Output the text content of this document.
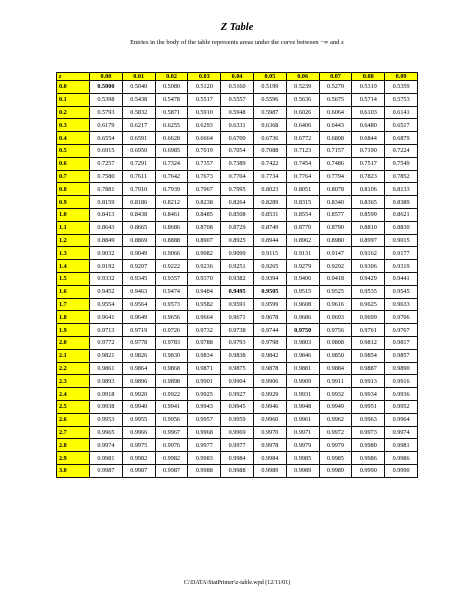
Z Table
Entries in the body of the table represents areas under the curve between −∞ and z
z	0.00	0.01	0.02	0.03	0.04	0.05	0.06	0.07	0.08	0.09
0.0	0.5000	0.5040	0.5080	0.5120	0.5160	0.5199	0.5239	0.5279	0.5319	0.5359
0.1	0.5398	0.5438	0.5478	0.5517	0.5557	0.5596	0.5636	0.5675	0.5714	0.5753
0.2	0.5793	0.5832	0.5871	0.5910	0.5948	0.5987	0.6026	0.6064	0.6103	0.6141
0.3	0.6179	0.6217	0.6255	0.6293	0.6331	0.6368	0.6406	0.6443	0.6480	0.6517
0.4	0.6554	0.6591	0.6628	0.6664	0.6700	0.6736	0.6772	0.6808	0.6844	0.6879
0.5	0.6915	0.6950	0.6985	0.7019	0.7054	0.7088	0.7123	0.7157	0.7190	0.7224
0.6	0.7257	0.7291	0.7324	0.7357	0.7389	0.7422	0.7454	0.7486	0.7517	0.7549
0.7	0.7580	0.7611	0.7642	0.7673	0.7704	0.7734	0.7764	0.7794	0.7823	0.7852
0.8	0.7881	0.7910	0.7939	0.7967	0.7995	0.8023	0.8051	0.8078	0.8106	0.8133
0.9	0.8159	0.8186	0.8212	0.8238	0.8264	0.8289	0.8315	0.8340	0.8365	0.8389
1.0	0.8413	0.8438	0.8461	0.8485	0.8508	0.8531	0.8554	0.8577	0.8599	0.8621
1.1	0.8643	0.8665	0.8686	0.8708	0.8729	0.8749	0.8770	0.8790	0.8810	0.8830
1.2	0.8849	0.8869	0.8888	0.8907	0.8925	0.8944	0.8962	0.8980	0.8997	0.9015
1.3	0.9032	0.9049	0.9066	0.9082	0.9099	0.9115	0.9131	0.9147	0.9162	0.9177
1.4	0.9192	0.9207	0.9222	0.9236	0.9251	0.9265	0.9279	0.9292	0.9306	0.9319
1.5	0.9332	0.9345	0.9357	0.9370	0.9382	0.9394	0.9406	0.9418	0.9429	0.9441
1.6	0.9452	0.9463	0.9474	0.9484	0.9495	0.9505	0.9515	0.9525	0.9535	0.9545
1.7	0.9554	0.9564	0.9573	0.9582	0.9591	0.9599	0.9608	0.9616	0.9625	0.9633
1.8	0.9641	0.9649	0.9656	0.9664	0.9671	0.9678	0.9686	0.9693	0.9699	0.9706
1.9	0.9713	0.9719	0.9726	0.9732	0.9738	0.9744	0.9750	0.9756	0.9761	0.9767
2.0	0.9772	0.9778	0.9783	0.9788	0.9793	0.9798	0.9803	0.9808	0.9812	0.9817
2.1	0.9821	0.9826	0.9830	0.9834	0.9838	0.9842	0.9846	0.9850	0.9854	0.9857
2.2	0.9861	0.9864	0.9868	0.9871	0.9875	0.9878	0.9881	0.9884	0.9887	0.9890
2.3	0.9893	0.9896	0.9898	0.9901	0.9904	0.9906	0.9909	0.9911	0.9913	0.9916
2.4	0.9918	0.9920	0.9922	0.9925	0.9927	0.9929	0.9931	0.9932	0.9934	0.9936
2.5	0.9938	0.9940	0.9941	0.9943	0.9945	0.9946	0.9948	0.9949	0.9951	0.9952
2.6	0.9953	0.9955	0.9956	0.9957	0.9959	0.9960	0.9961	0.9962	0.9963	0.9964
2.7	0.9965	0.9966	0.9967	0.9968	0.9969	0.9970	0.9971	0.9972	0.9973	0.9974
2.8	0.9974	0.9975	0.9976	0.9977	0.9977	0.9978	0.9979	0.9979	0.9980	0.9981
2.9	0.9981	0.9982	0.9982	0.9983	0.9984	0.9984	0.9985	0.9985	0.9986	0.9986
3.0	0.9987	0.9987	0.9987	0.9988	0.9988	0.9989	0.9989	0.9989	0.9990	0.9990
C:\DATA\StatPrimer\z-table.wpd (12/11/01)
